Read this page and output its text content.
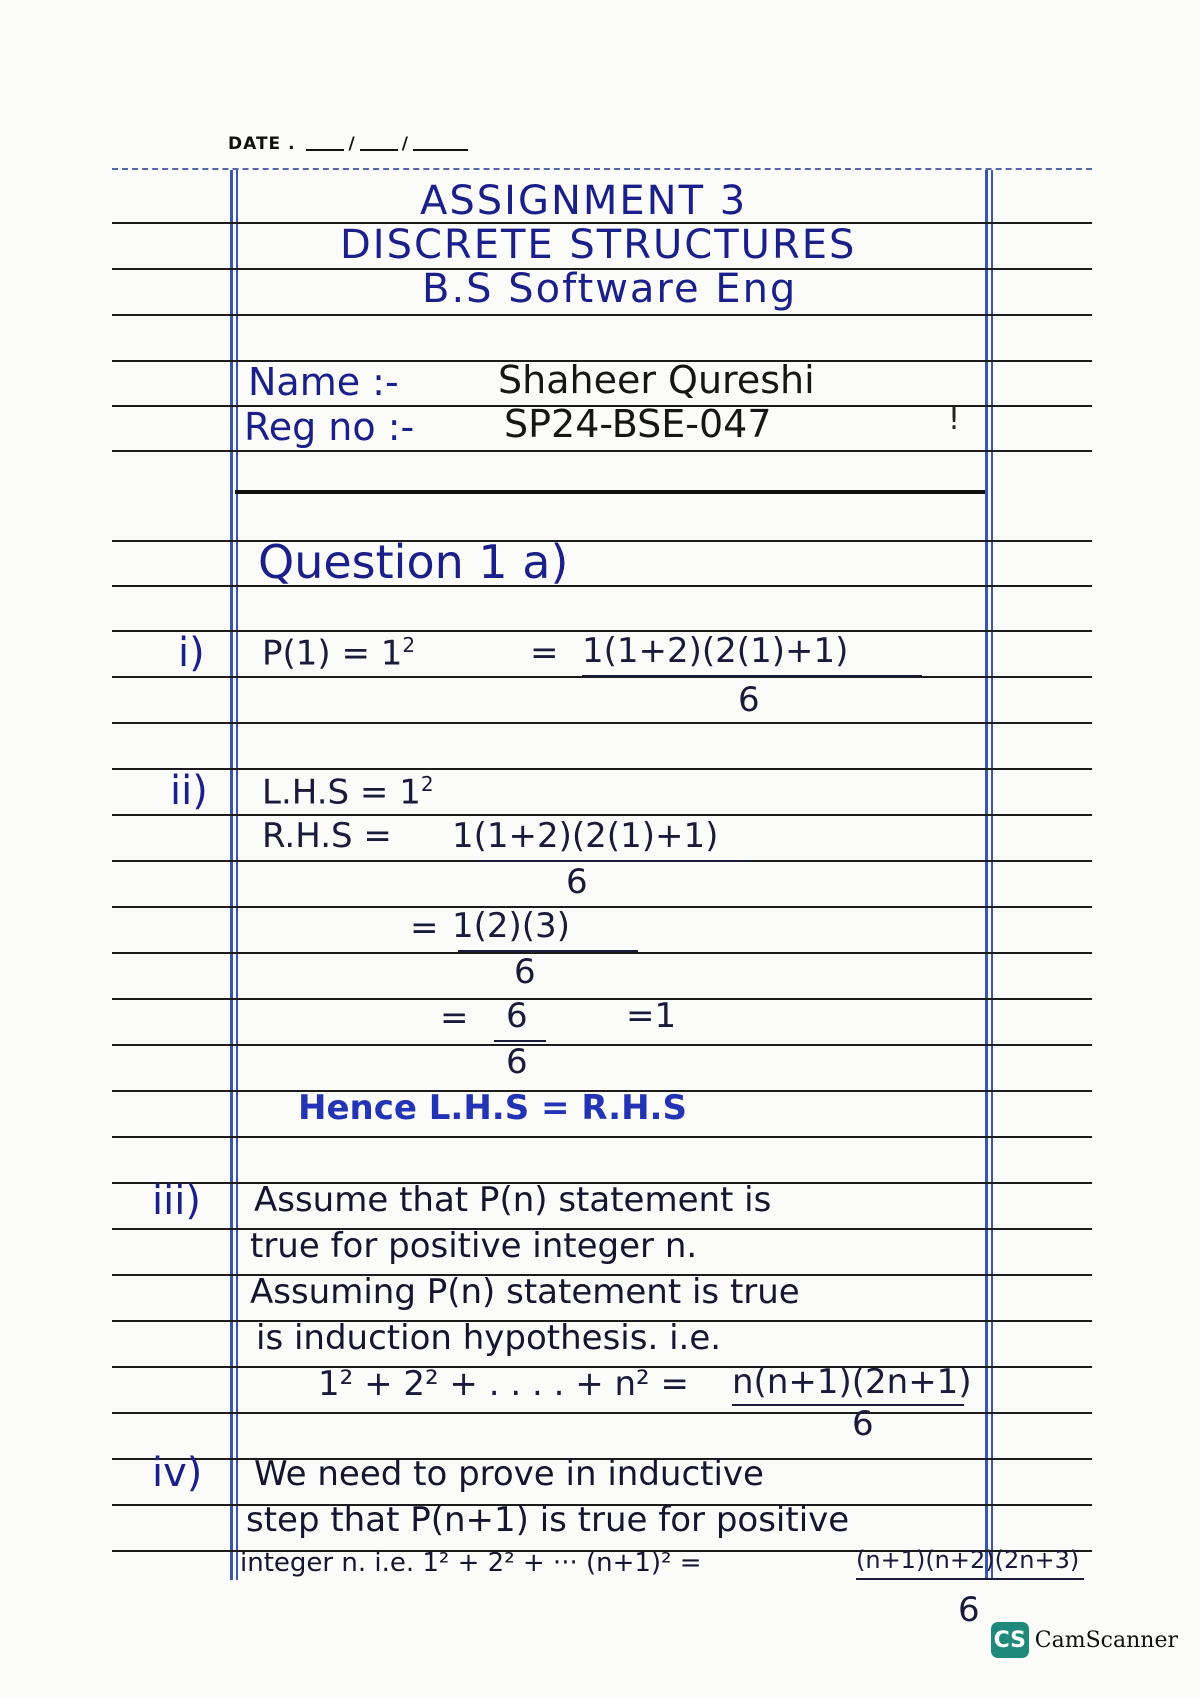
DATE .	/	/
ASSIGNMENT 3
DISCRETE STRUCTURES
B.S Software Eng
Name :-	Shaheer Qureshi
Reg no :- SP24-BSE-047	!
Question 1 a)
i) $P(1) = 1^2$	= 1(1+2)(2(1)+1)
6
ii) $L.H.S = 1^2$
R.H.S = 1(1+2)(2(1)+1)
6
= 1(2)(3)
6
= 6
6
=1
Hence L.H.S = R.H.S
iii) Assume that P(n) statement is
true for positive integer n.
Assuming P(n) statement is true
is induction hypothesis. i.e.
1² + 2² + . . . . + n² = n(n+1)(2n+1)
6
iv) We need to prove in inductive
step that P(n+1) is true for positive
integer n. i.e. 1² + 2² + ··· (n+1)² =	(n+1)(n+2)(2n+3)
6
CS CamScanner
